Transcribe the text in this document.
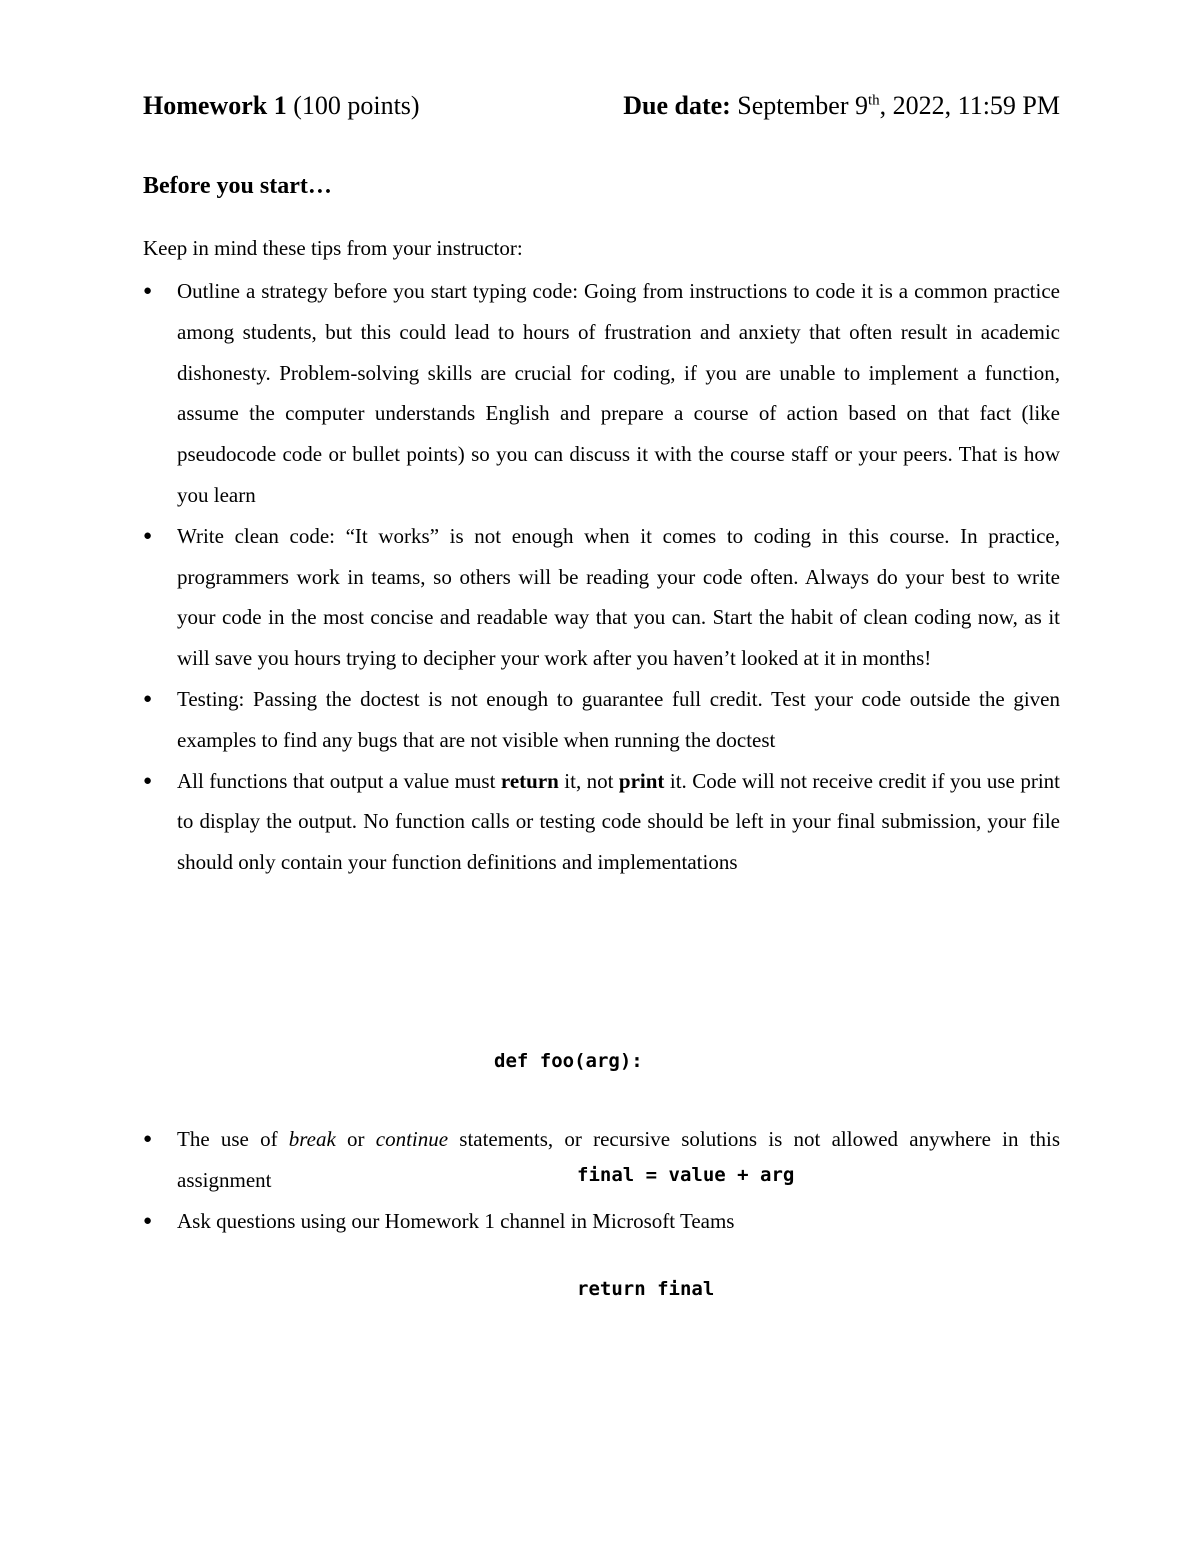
Homework 1 (100 points)	Due date: September 9th, 2022, 11:59 PM
Before you start…
Keep in mind these tips from your instructor:
● Outline a strategy before you start typing code: Going from instructions to code it is a common practice among students, but this could lead to hours of frustration and anxiety that often result in academic dishonesty. Problem-solving skills are crucial for coding, if you are unable to implement a function, assume the computer understands English and prepare a course of action based on that fact (like pseudocode code or bullet points) so you can discuss it with the course staff or your peers. That is how you learn
● Write clean code: “It works” is not enough when it comes to coding in this course. In practice, programmers work in teams, so others will be reading your code often. Always do your best to write your code in the most concise and readable way that you can. Start the habit of clean coding now, as it will save you hours trying to decipher your work after you haven’t looked at it in months!
● Testing: Passing the doctest is not enough to guarantee full credit. Test your code outside the given examples to find any bugs that are not visible when running the doctest
● All functions that output a value must return it, not print it. Code will not receive credit if you use print to display the output. No function calls or testing code should be left in your final submission, your file should only contain your function definitions and implementations

def foo(arg):

final = value + arg

return final

● The use of break or continue statements, or recursive solutions is not allowed anywhere in this assignment
● Ask questions using our Homework 1 channel in Microsoft Teams
